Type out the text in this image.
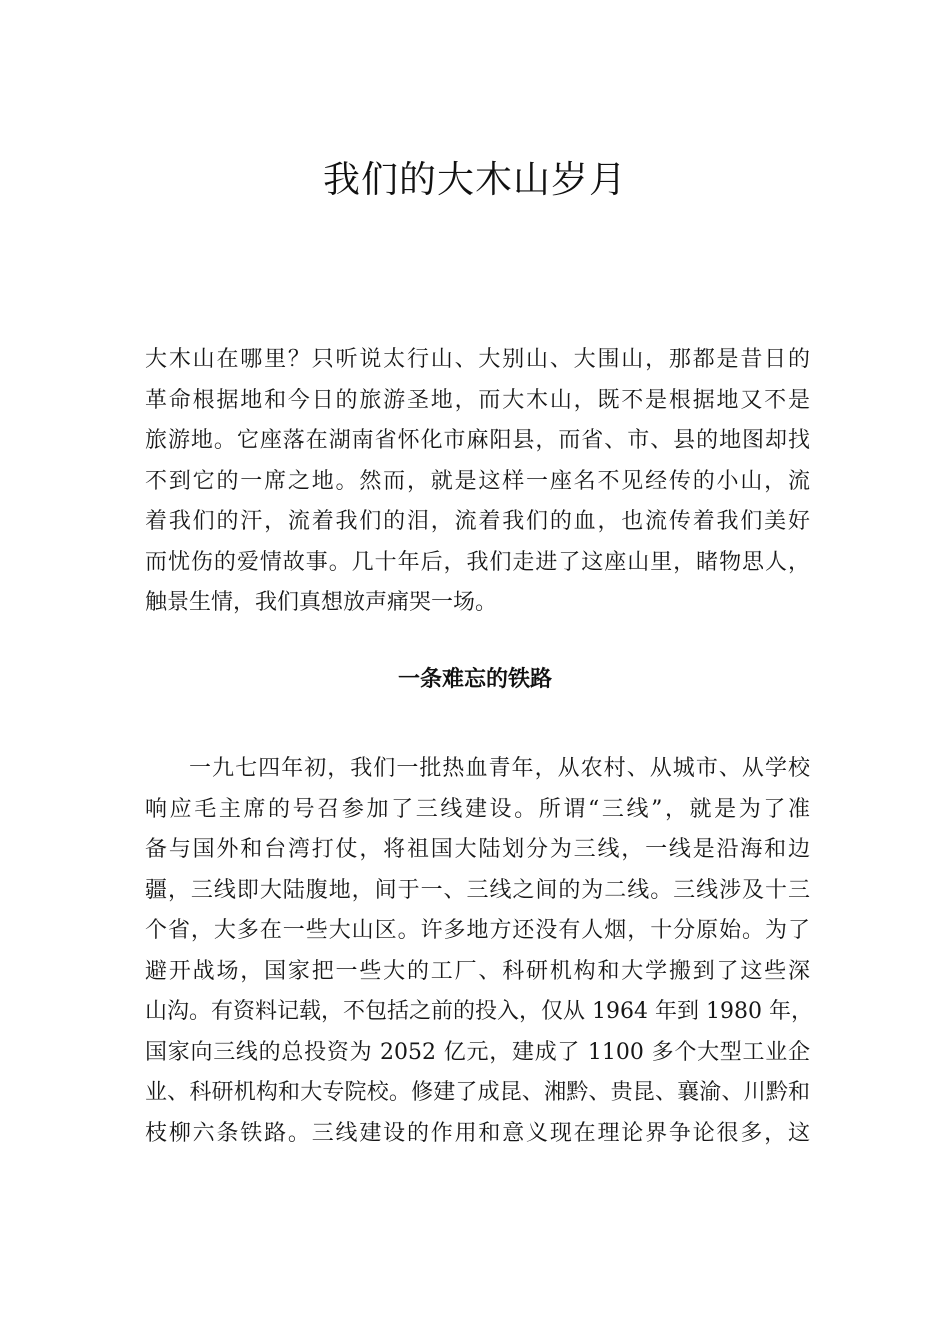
我们的大木山岁月
大木山在哪里？只听说太行山、大别山、大围山，那都是昔日的
革命根据地和今日的旅游圣地，而大木山，既不是根据地又不是
旅游地。它座落在湖南省怀化市麻阳县，而省、市、县的地图却找
不到它的一席之地。然而，就是这样一座名不见经传的小山，流
着我们的汗，流着我们的泪，流着我们的血，也流传着我们美好
而忧伤的爱情故事。几十年后，我们走进了这座山里，睹物思人，
触景生情，我们真想放声痛哭一场。
一条难忘的铁路
一九七四年初，我们一批热血青年，从农村、从城市、从学校
响应毛主席的号召参加了三线建设。所谓“三线”，就是为了准
备与国外和台湾打仗，将祖国大陆划分为三线，一线是沿海和边
疆，三线即大陆腹地，间于一、三线之间的为二线。三线涉及十三
个省，大多在一些大山区。许多地方还没有人烟，十分原始。为了
避开战场，国家把一些大的工厂、科研机构和大学搬到了这些深
山沟。有资料记载，不包括之前的投入，仅从 1964 年到 1980 年，
国家向三线的总投资为 2052 亿元，建成了 1100 多个大型工业企
业、科研机构和大专院校。修建了成昆、湘黔、贵昆、襄渝、川黔和
枝柳六条铁路。三线建设的作用和意义现在理论界争论很多，这
